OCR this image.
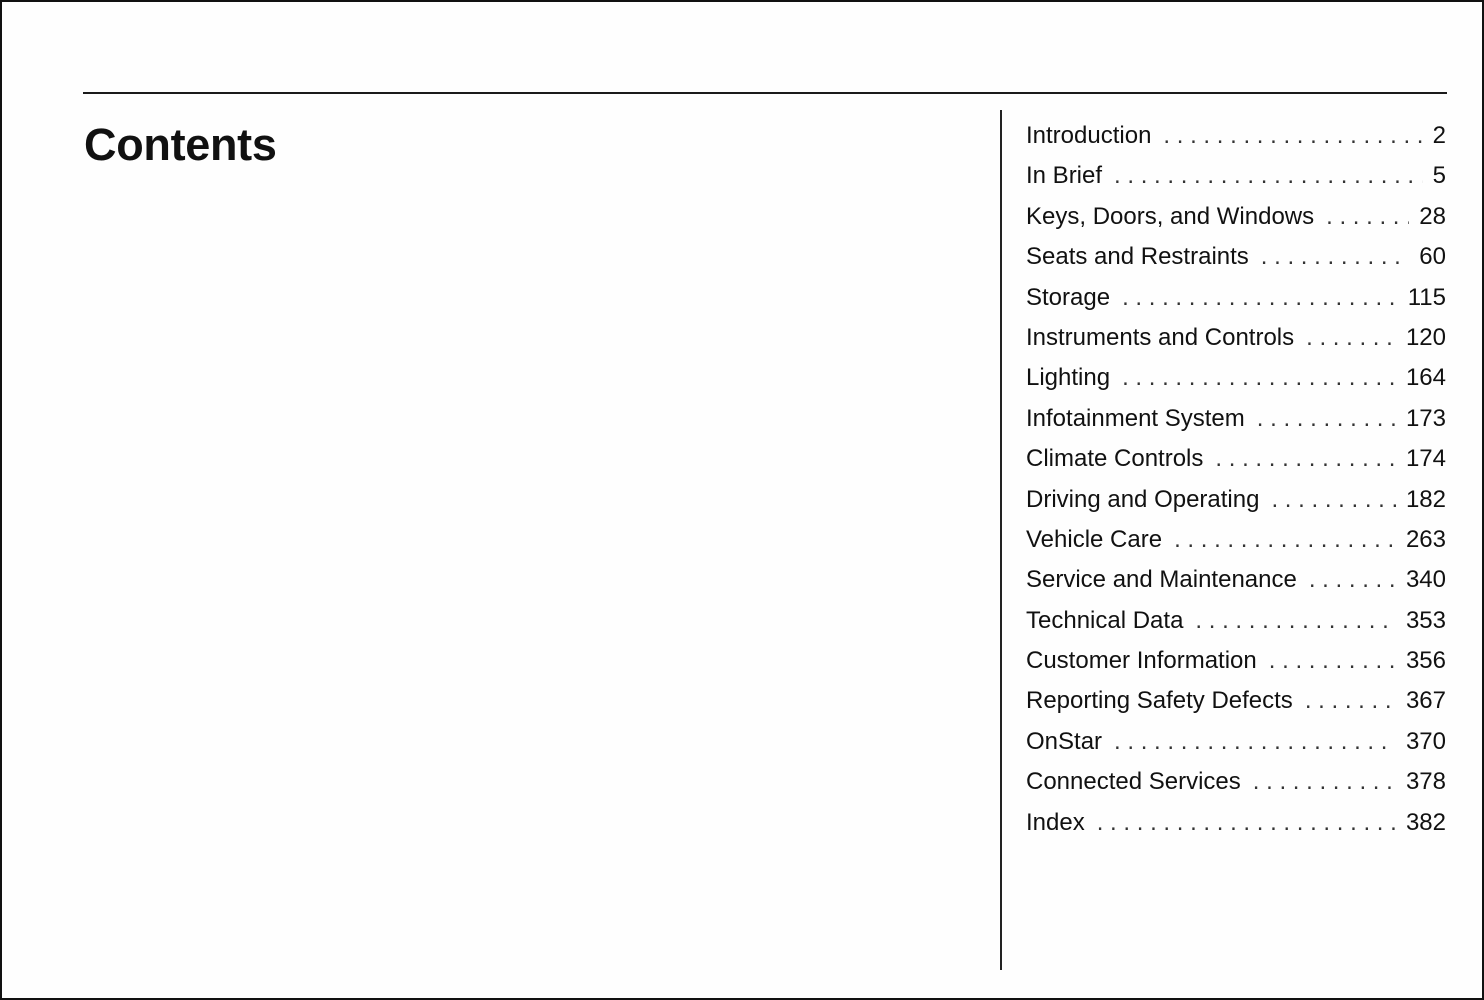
Contents	Introduction . . .	2
In Brief . . .	5
Keys, Doors, and Windows . . .	28
Seats and Restraints . . .	60
Storage . . .	115
Instruments and Controls . . .	120
Lighting . . .	164
Infotainment System . . .	173
Climate Controls . . .	174
Driving and Operating . . .	182
Vehicle Care . . .	263
Service and Maintenance . . .	340
Technical Data . . .	353
Customer Information . . .	356
Reporting Safety Defects . . .	367
OnStar . . .	370
Connected Services . . .	378
Index . . .	382
